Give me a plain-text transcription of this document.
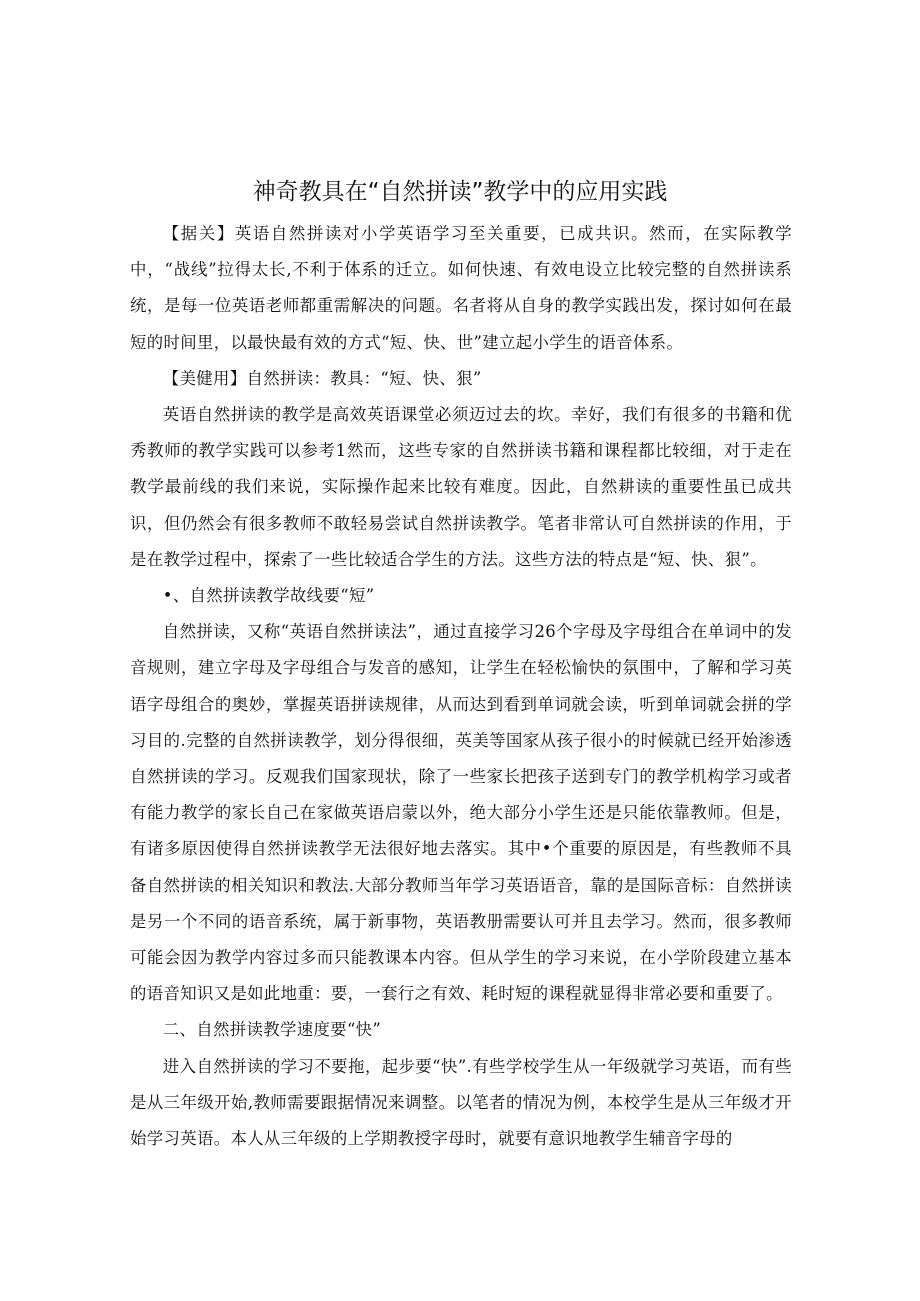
神奇教具在“自然拼读”教学中的应用实践

【据关】英语自然拼读对小学英语学习至关重要，已成共识。然而，在实际教学中，“战线”拉得太长,不利于体系的迁立。如何快速、有效电设立比较完整的自然拼读系统，是每一位英语老师都重需解决的问题。名者将从自身的教学实践出发，探讨如何在最短的时间里，以最快最有效的方式“短、快、世”建立起小学生的语音体系。

【美健用】自然拼读：教具：“短、快、狠”

英语自然拼读的教学是高效英语课堂必须迈过去的坎。幸好，我们有很多的书籍和优秀教师的教学实践可以参考1然而，这些专家的自然拼读书籍和课程都比较细，对于走在教学最前线的我们来说，实际操作起来比较有难度。因此，自然耕读的重要性虽已成共识，但仍然会有很多教师不敢轻易尝试自然拼读教学。笔者非常认可自然拼读的作用，于是在教学过程中，探索了一些比较适合学生的方法。这些方法的特点是“短、快、狠”。

•、自然拼读教学故线要“短”

自然拼读，又称“英语自然拼读法”，通过直接学习26个字母及字母组合在单词中的发音规则，建立字母及字母组合与发音的感知，让学生在轻松愉快的氛围中，了解和学习英语字母组合的奥妙，掌握英语拼读规律，从而达到看到单词就会读，听到单词就会拼的学习目的.完整的自然拼读教学，划分得很细，英美等国家从孩子很小的时候就已经开始渗透自然拼读的学习。反观我们国家现状，除了一些家长把孩子送到专门的教学机构学习或者有能力教学的家长自己在家做英语启蒙以外，绝大部分小学生还是只能依靠教师。但是，有诸多原因使得自然拼读教学无法很好地去落实。其中•个重要的原因是，有些教师不具备自然拼读的相关知识和教法.大部分教师当年学习英语语音，靠的是国际音标：自然拼读是另一个不同的语音系统，属于新事物，英语教册需要认可并且去学习。然而，很多教师可能会因为教学内容过多而只能教课本内容。但从学生的学习来说，在小学阶段建立基本的语音知识又是如此地重：要，一套行之有效、耗时短的课程就显得非常必要和重要了。

二、自然拼读教学速度要“快”

进入自然拼读的学习不要拖，起步要“快”.有些学校学生从一年级就学习英语，而有些是从三年级开始,教师需要跟据情况来调整。以笔者的情况为例，本校学生是从三年级才开始学习英语。本人从三年级的上学期教授字母时，就要有意识地教学生辅音字母的
